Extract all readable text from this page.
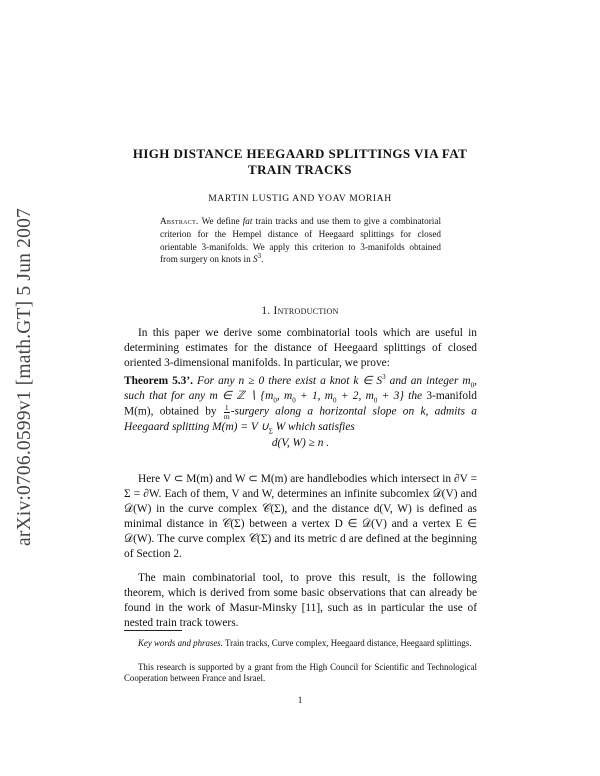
arXiv:0706.0599v1 [math.GT] 5 Jun 2007
HIGH DISTANCE HEEGAARD SPLITTINGS VIA FAT
TRAIN TRACKS
MARTIN LUSTIG AND YOAV MORIAH
Abstract. We define fat train tracks and use them to give a combinatorial criterion for the Hempel distance of Heegaard splittings for closed orientable 3-manifolds. We apply this criterion to 3-manifolds obtained from surgery on knots in $S^3$.
1. Introduction
In this paper we derive some combinatorial tools which are useful in determining estimates for the distance of Heegaard splittings of closed oriented 3-dimensional manifolds. In particular, we prove:
Theorem 5.3’. For any n ≥ 0 there exist a knot k ∈ $S^3$ and an integer $m_0$, such that for any m ∈ ℤ ∖ {$m_0$, $m_0 + 1$, $m_0 + 2$, $m_0 + 3$} the 3-manifold M(m), obtained by $\frac{1}{m}$ -surgery along a horizontal slope on k, admits a Heegaard splitting M(m) = V $\cup_\Sigma$ W which satisfies
d(V, W) ≥ n .
Here V ⊂ M(m) and W ⊂ M(m) are handlebodies which intersect in ∂V = Σ = ∂W. Each of them, V and W, determines an infinite subcomlex 𝒟(V) and 𝒟(W) in the curve complex 𝒞(Σ), and the distance d(V, W) is defined as minimal distance in 𝒞(Σ) between a vertex D ∈ 𝒟(V) and a vertex E ∈ 𝒟(W). The curve complex 𝒞(Σ) and its metric d are defined at the beginning of Section 2.
The main combinatorial tool, to prove this result, is the following theorem, which is derived from some basic observations that can already be found in the work of Masur-Minsky [11], such as in particular the use of nested train track towers.
Key words and phrases. Train tracks, Curve complex, Heegaard distance, Heegaard splittings.
This research is supported by a grant from the High Council for Scientific and Technological Cooperation between France and Israel.
1
